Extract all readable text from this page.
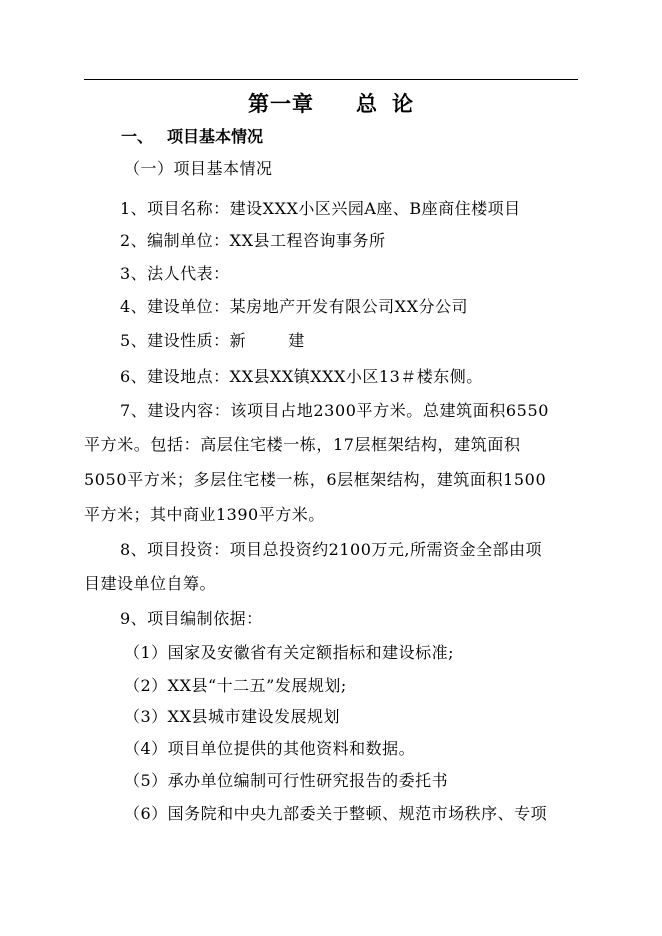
第一章 总 论
一、 项目基本情况
（一）项目基本情况
1、项目名称：建设XXX小区兴园A座、B座商住楼项目
2、编制单位：XX县工程咨询事务所
3、法人代表：
4、建设单位：某房地产开发有限公司XX分公司
5、建设性质：新	建
6、建设地点：XX县XX镇XXX小区13＃楼东侧。
7、建设内容：该项目占地2300平方米。总建筑面积6550
平方米。包括：高层住宅楼一栋，17层框架结构，建筑面积
5050平方米；多层住宅楼一栋，6层框架结构，建筑面积1500
平方米；其中商业1390平方米。
8、项目投资：项目总投资约2100万元,所需资金全部由项
目建设单位自筹。
9、项目编制依据：
（1）国家及安徽省有关定额指标和建设标准;
（2）XX县“十二五”发展规划;
（3）XX县城市建设发展规划
（4）项目单位提供的其他资料和数据。
（5）承办单位编制可行性研究报告的委托书
（6）国务院和中央九部委关于整顿、规范市场秩序、专项
